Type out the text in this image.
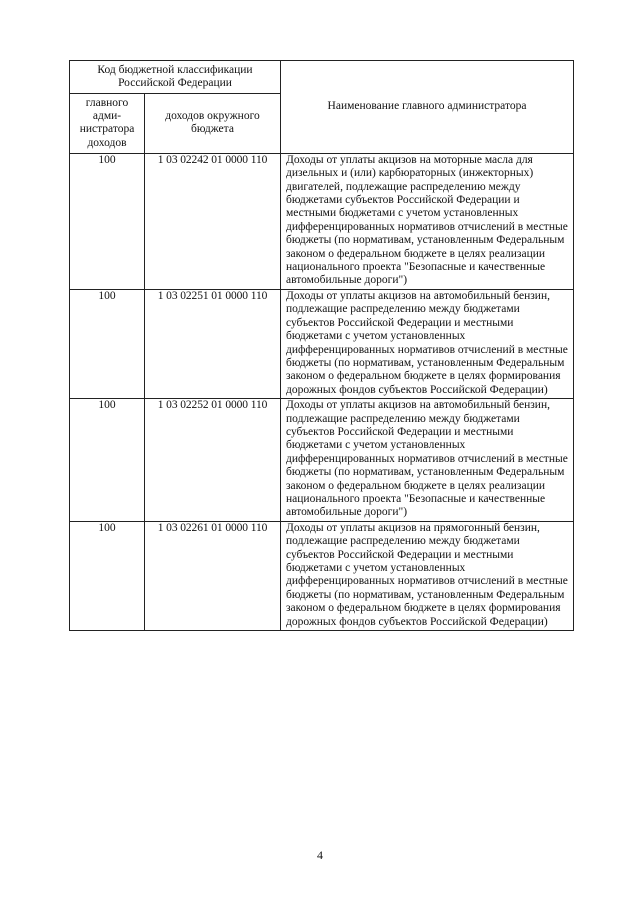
Код бюджетной классификации Российской Федерации		Наименование главного администратора
главного адми-нистратора доходов	доходов окружного бюджета	
100	1 03 02242 01 0000 110	Доходы от уплаты акцизов на моторные масла для дизельных и (или) карбюраторных (инжекторных) двигателей, подлежащие распределению между бюджетами субъектов Российской Федерации и местными бюджетами с учетом установленных дифференцированных нормативов отчислений в местные бюджеты (по нормативам, установленным Федеральным законом о федеральном бюджете в целях реализации национального проекта "Безопасные и качественные автомобильные дороги")
100	1 03 02251 01 0000 110	Доходы от уплаты акцизов на автомобильный бензин, подлежащие распределению между бюджетами субъектов Российской Федерации и местными бюджетами с учетом установленных дифференцированных нормативов отчислений в местные бюджеты (по нормативам, установленным Федеральным законом о федеральном бюджете в целях формирования дорожных фондов субъектов Российской Федерации)
100	1 03 02252 01 0000 110	Доходы от уплаты акцизов на автомобильный бензин, подлежащие распределению между бюджетами субъектов Российской Федерации и местными бюджетами с учетом установленных дифференцированных нормативов отчислений в местные бюджеты (по нормативам, установленным Федеральным законом о федеральном бюджете в целях реализации национального проекта "Безопасные и качественные автомобильные дороги")
100	1 03 02261 01 0000 110	Доходы от уплаты акцизов на прямогонный бензин, подлежащие распределению между бюджетами субъектов Российской Федерации и местными бюджетами с учетом установленных дифференцированных нормативов отчислений в местные бюджеты (по нормативам, установленным Федеральным законом о федеральном бюджете в целях формирования дорожных фондов субъектов Российской Федерации)
4
